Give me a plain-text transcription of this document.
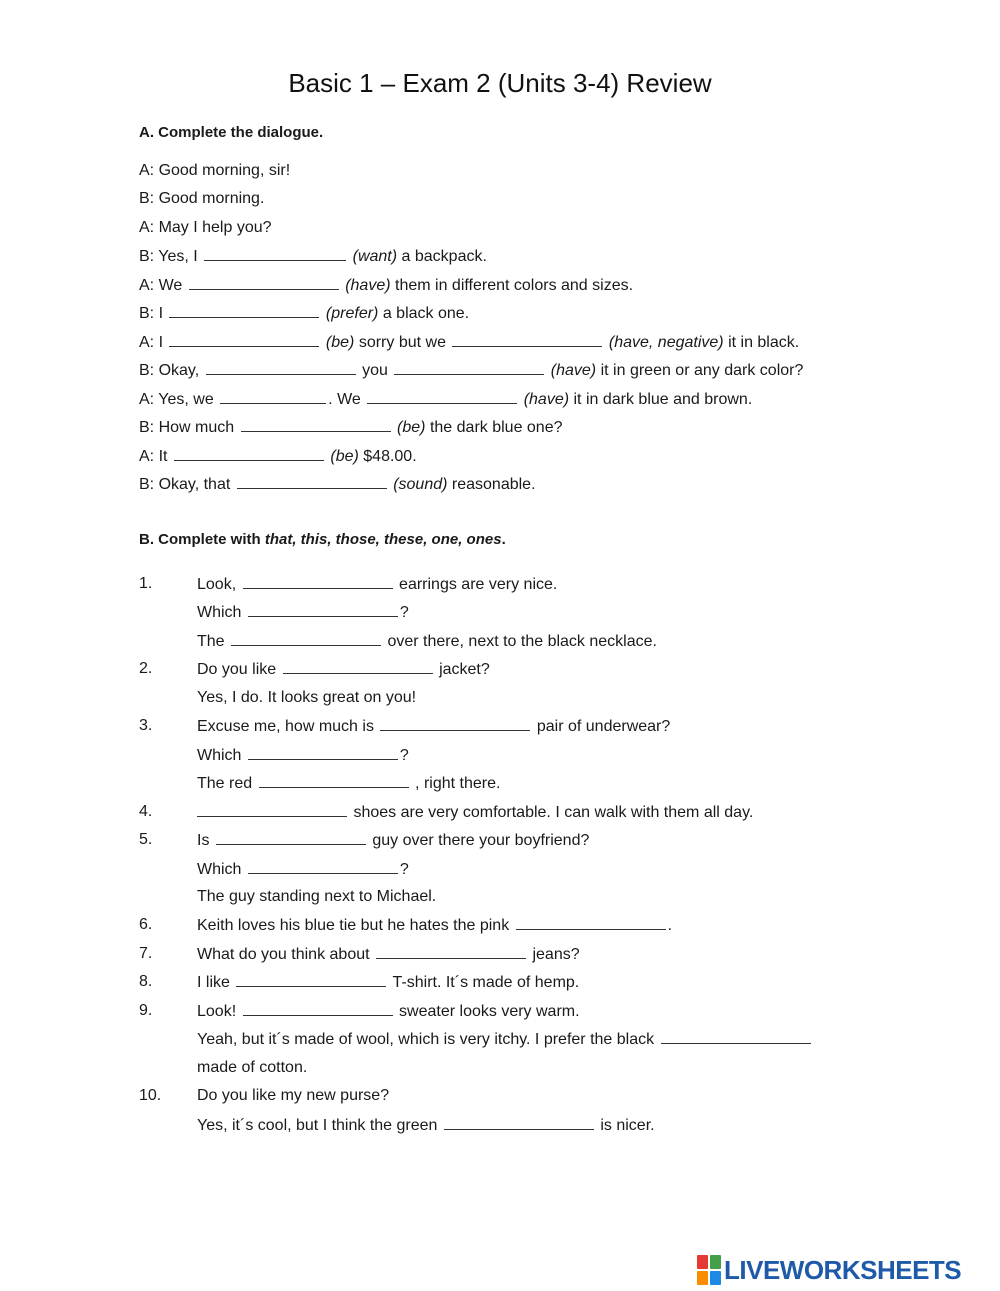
Basic 1 – Exam 2 (Units 3-4) Review
A. Complete the dialogue.
A: Good morning, sir!
B: Good morning.
A: May I help you?
B: Yes, I	(want) a backpack.
A: We	(have) them in different colors and sizes.
B: I	(prefer) a black one.
A: I	(be) sorry but we	(have, negative) it in black.
B: Okay,	you	(have) it in green or any dark color?
A: Yes, we	. We	(have) it in dark blue and brown.
B: How much	(be) the dark blue one?
A: It	(be) $48.00.
B: Okay, that	(sound) reasonable.
B. Complete with that, this, those, these, one, ones.
1.
2.
3.
4.
5.
6.
7.
8.
9.
10.
Look,	earrings are very nice.
Which	?
The	over there, next to the black necklace.
Do you like	jacket?
Yes, I do. It looks great on you!
Excuse me, how much is	pair of underwear?
Which	?
The red	, right there.
shoes are very comfortable. I can walk with them all day.
Is	guy over there your boyfriend?
Which	?
The guy standing next to Michael.
Keith loves his blue tie but he hates the pink	.
What do you think about	jeans?
I like	T-shirt. It´s made of hemp.
Look!	sweater looks very warm.
Yeah, but it´s made of wool, which is very itchy. I prefer the black
made of cotton.
Do you like my new purse?
Yes, it´s cool, but I think the green	is nicer.
LIVEWORKSHEETS
